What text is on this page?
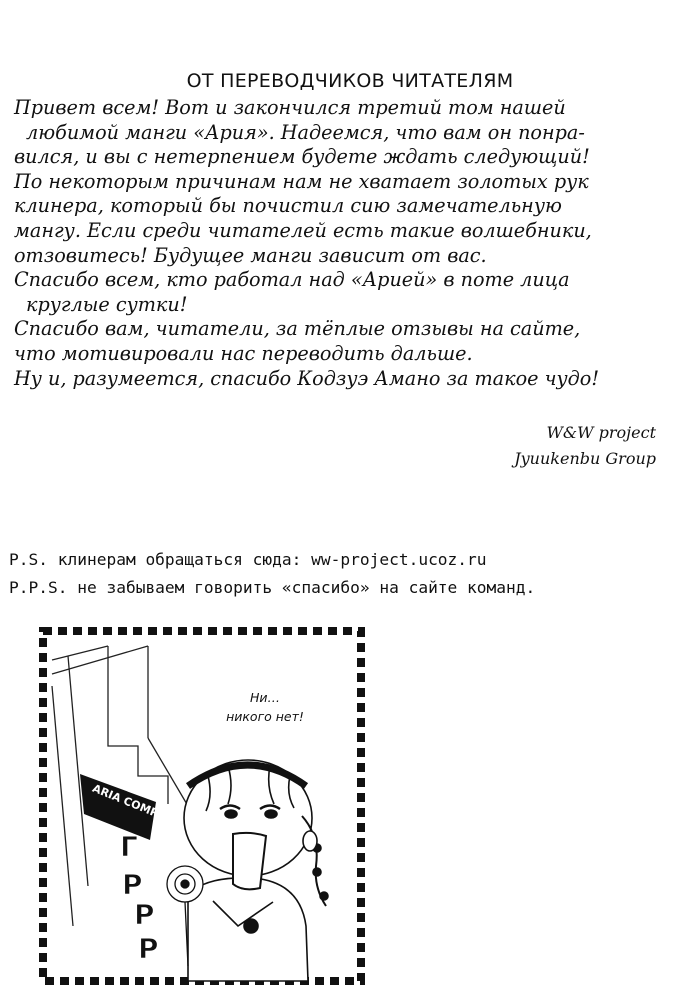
ОТ ПЕРЕВОДЧИКОВ ЧИТАТЕЛЯМ
Привет всем! Вот и закончился третий том нашей
любимой манги «Ария». Надеемся, что вам он понра-
вился, и вы с нетерпением будете ждать следующий!
По некоторым причинам нам не хватает золотых рук
клинера, который бы почистил сию замечательную
мангу. Если среди читателей есть такие волшебники,
отзовитесь! Будущее манги зависит от вас.
Спасибо всем, кто работал над «Арией» в поте лица
круглые сутки!
Спасибо вам, читатели, за тёплые отзывы на сайте,
что мотивировали нас переводить дальше.
Ну и, разумеется, спасибо Кодзуэ Амано за такое чудо!
W&W project
Jyuukenbu Group
P.S. клинерам обращаться сюда: ww-project.ucoz.ru
P.P.S. не забываем говорить «спасибо» на сайте команд.
ARIA COMPANY
Г
Р
Р
Р
Ни…
никого нет!
